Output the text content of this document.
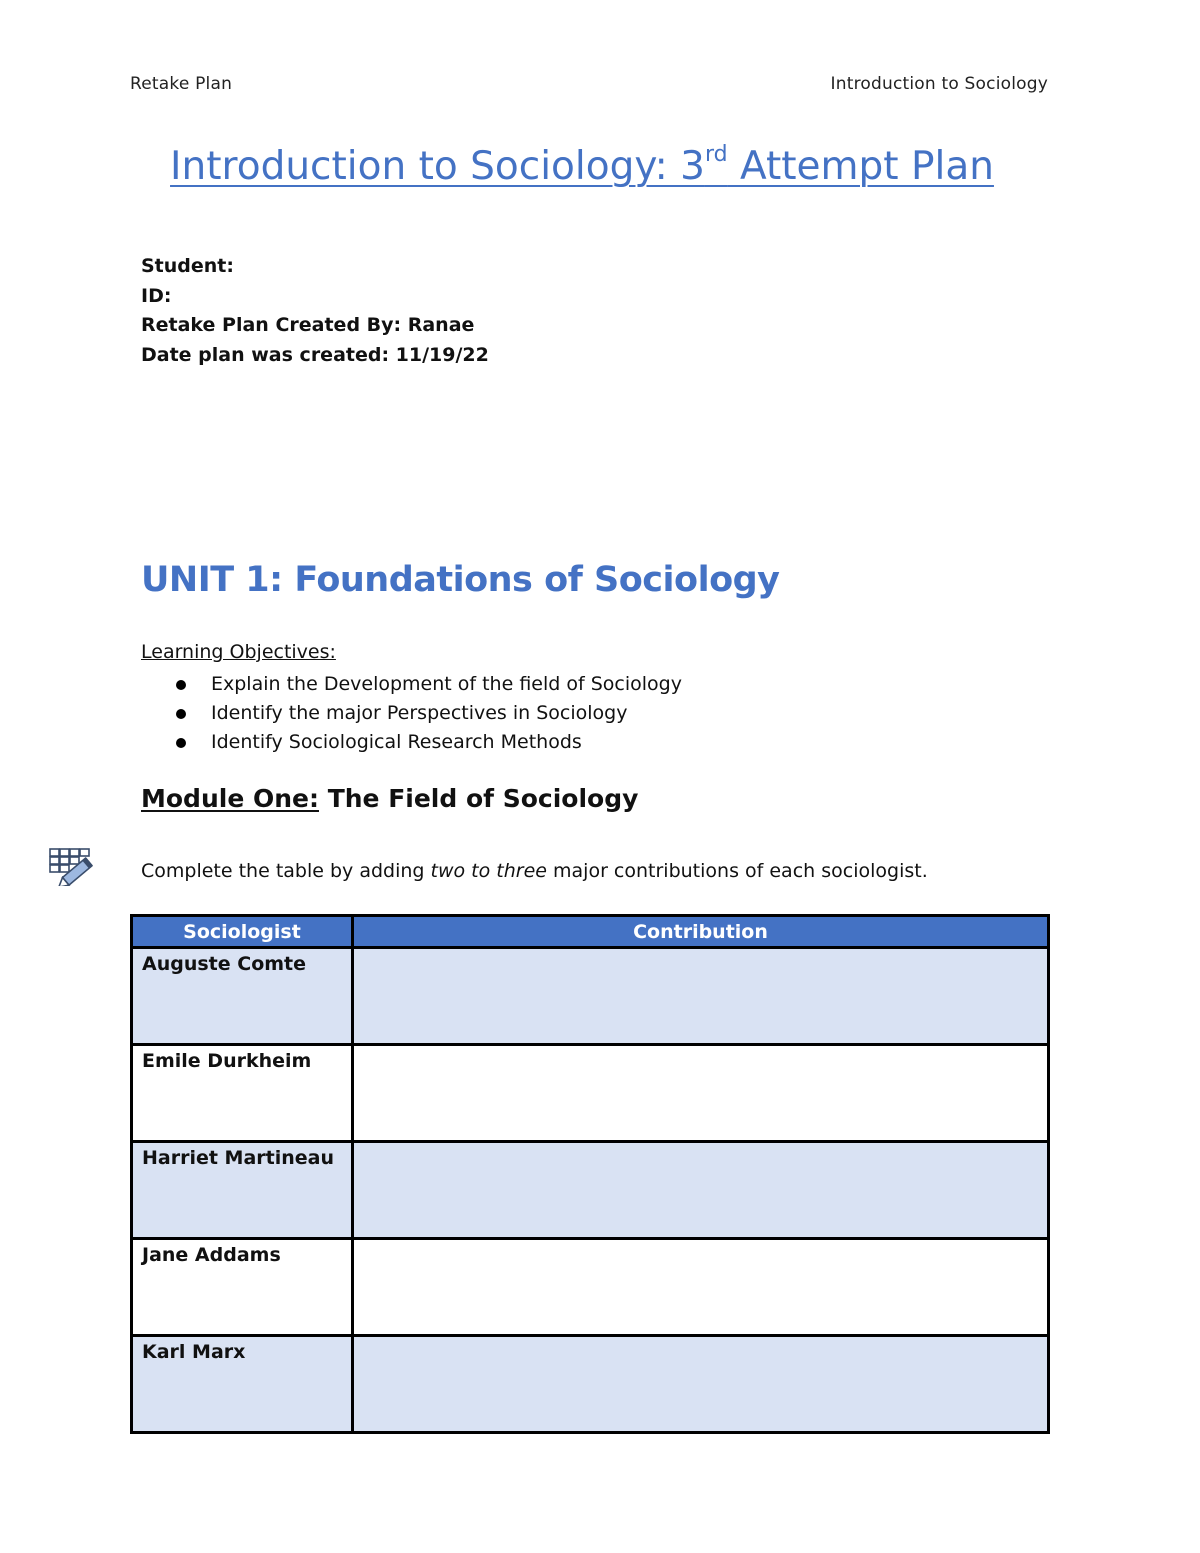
Retake Plan	Introduction to Sociology
Introduction to Sociology: 3rd Attempt Plan
Student:
ID:
Retake Plan Created By: Ranae
Date plan was created: 11/19/22
UNIT 1: Foundations of Sociology
Learning Objectives:
Explain the Development of the field of Sociology
Identify the major Perspectives in Sociology
Identify Sociological Research Methods
Module One: The Field of Sociology
Complete the table by adding two to three major contributions of each sociologist.
Sociologist	Contribution
Auguste Comte	
Emile Durkheim	
Harriet Martineau	
Jane Addams	
Karl Marx	
